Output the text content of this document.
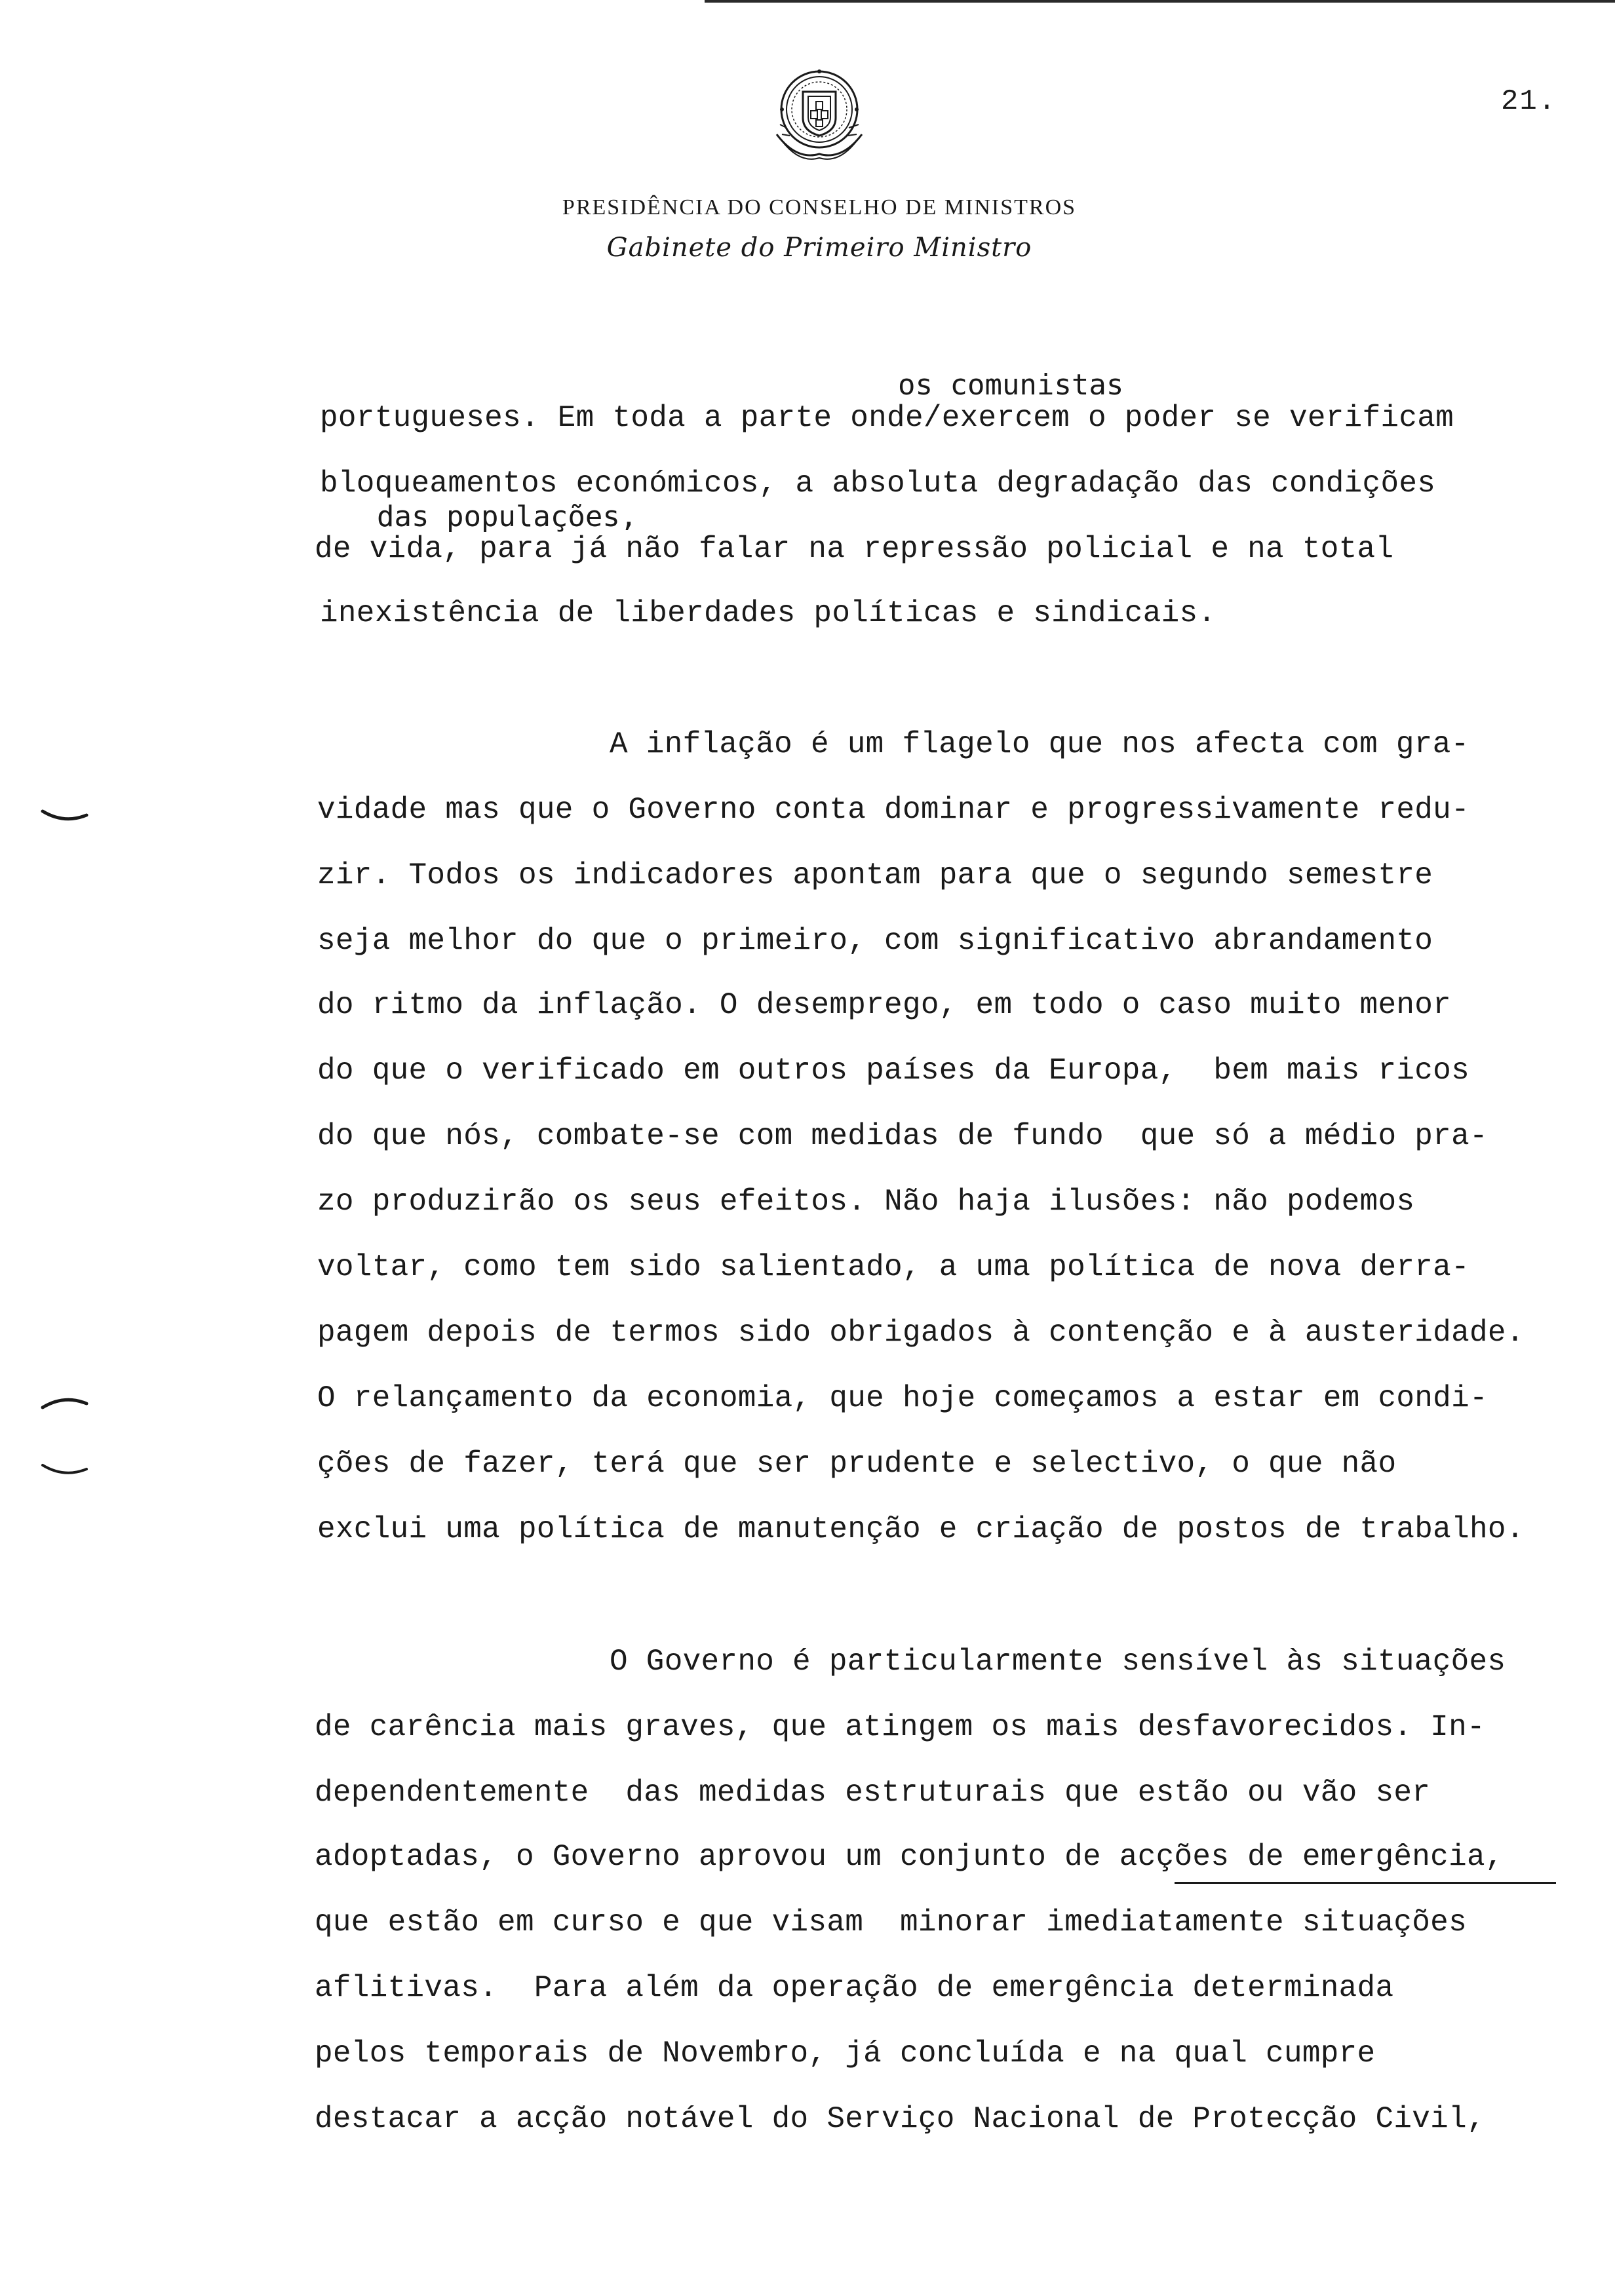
21.
PRESIDÊNCIA DO CONSELHO DE MINISTROS
Gabinete do Primeiro Ministro
os comunistas
das populações,
portugueses. Em toda a parte onde/exercem o poder se verificam
bloqueamentos económicos, a absoluta degradação das condições
de vida, para já não falar na repressão policial e na total
inexistência de liberdades políticas e sindicais.
A inflação é um flagelo que nos afecta com gra-
vidade mas que o Governo conta dominar e progressivamente redu-
zir. Todos os indicadores apontam para que o segundo semestre
seja melhor do que o primeiro, com significativo abrandamento
do ritmo da inflação. O desemprego, em todo o caso muito menor
do que o verificado em outros países da Europa,  bem mais ricos
do que nós, combate-se com medidas de fundo  que só a médio pra-
zo produzirão os seus efeitos. Não haja ilusões: não podemos
voltar, como tem sido salientado, a uma política de nova derra-
pagem depois de termos sido obrigados à contenção e à austeridade.
O relançamento da economia, que hoje começamos a estar em condi-
ções de fazer, terá que ser prudente e selectivo, o que não
exclui uma política de manutenção e criação de postos de trabalho.
O Governo é particularmente sensível às situações
de carência mais graves, que atingem os mais desfavorecidos. In-
dependentemente  das medidas estruturais que estão ou vão ser
adoptadas, o Governo aprovou um conjunto de acções de emergência,
que estão em curso e que visam  minorar imediatamente situações
aflitivas.  Para além da operação de emergência determinada
pelos temporais de Novembro, já concluída e na qual cumpre
destacar a acção notável do Serviço Nacional de Protecção Civil,
